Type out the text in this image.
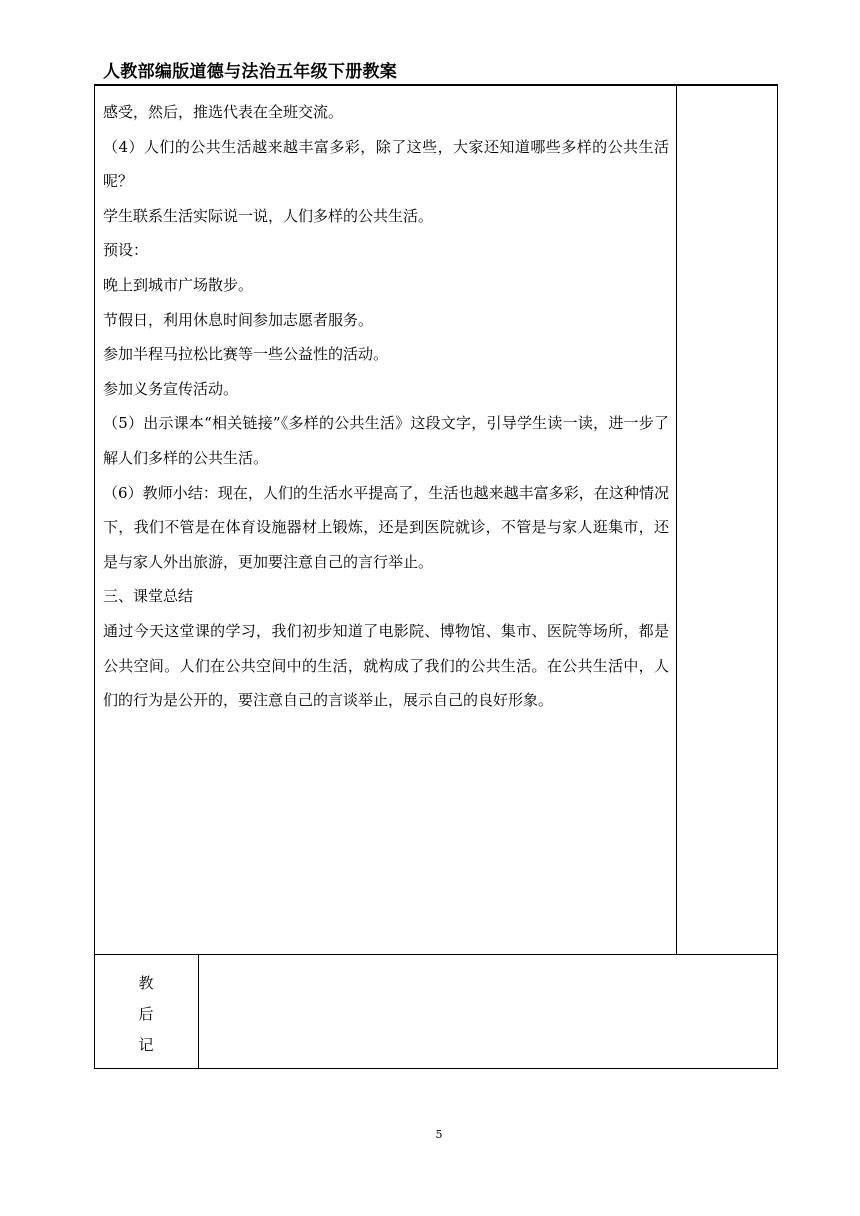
人教部编版道德与法治五年级下册教案

感受，然后，推选代表在全班交流。

（4）人们的公共生活越来越丰富多彩，除了这些，大家还知道哪些多样的公共生活呢？

学生联系生活实际说一说，人们多样的公共生活。

预设：

晚上到城市广场散步。

节假日，利用休息时间参加志愿者服务。

参加半程马拉松比赛等一些公益性的活动。

参加义务宣传活动。

（5）出示课本“相关链接”《多样的公共生活》这段文字，引导学生读一读，进一步了解人们多样的公共生活。

（6）教师小结：现在，人们的生活水平提高了，生活也越来越丰富多彩，在这种情况下，我们不管是在体育设施器材上锻炼，还是到医院就诊，不管是与家人逛集市，还是与家人外出旅游，更加要注意自己的言行举止。

三、课堂总结

通过今天这堂课的学习，我们初步知道了电影院、博物馆、集市、医院等场所，都是公共空间。人们在公共空间中的生活，就构成了我们的公共生活。在公共生活中，人们的行为是公开的，要注意自己的言谈举止，展示自己的良好形象。

教
后
记
5
